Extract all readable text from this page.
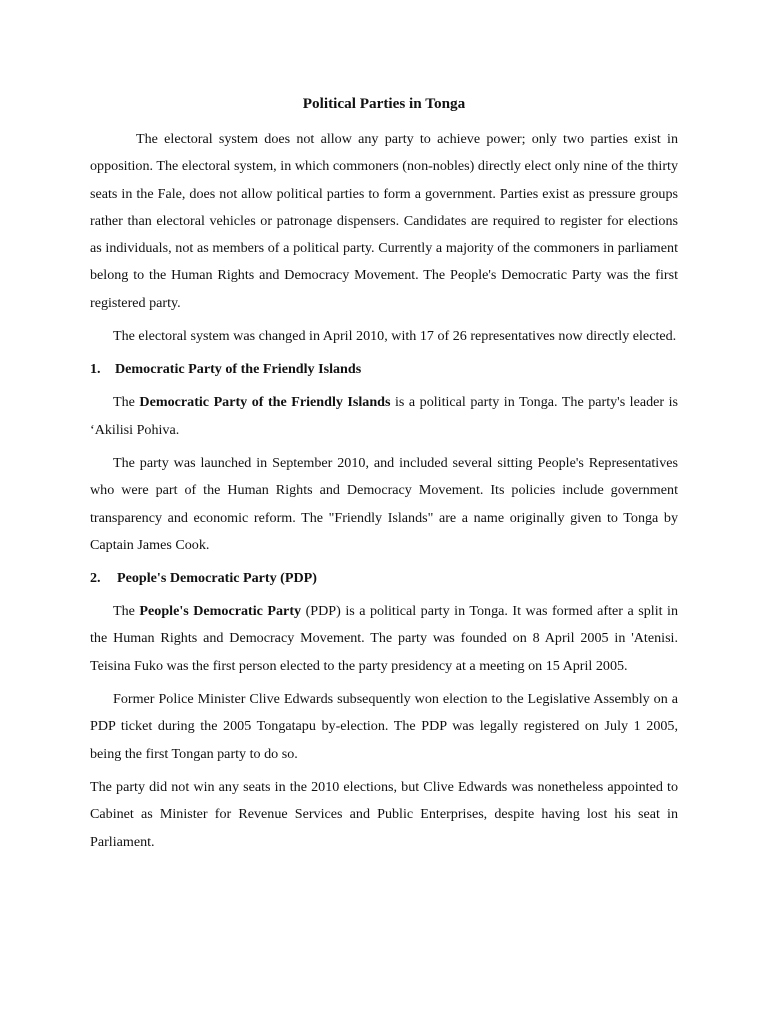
Political Parties in Tonga

The electoral system does not allow any party to achieve power; only two parties exist in opposition. The electoral system, in which commoners (non-nobles) directly elect only nine of the thirty seats in the Fale, does not allow political parties to form a government. Parties exist as pressure groups rather than electoral vehicles or patronage dispensers. Candidates are required to register for elections as individuals, not as members of a political party. Currently a majority of the commoners in parliament belong to the Human Rights and Democracy Movement. The People's Democratic Party was the first registered party.

The electoral system was changed in April 2010, with 17 of 26 representatives now directly elected.

1. Democratic Party of the Friendly Islands

The Democratic Party of the Friendly Islands is a political party in Tonga. The party's leader is ʻAkilisi Pohiva.

The party was launched in September 2010, and included several sitting People's Representatives who were part of the Human Rights and Democracy Movement. Its policies include government transparency and economic reform. The "Friendly Islands" are a name originally given to Tonga by Captain James Cook.

2. People's Democratic Party (PDP)

The People's Democratic Party (PDP) is a political party in Tonga. It was formed after a split in the Human Rights and Democracy Movement. The party was founded on 8 April 2005 in 'Atenisi. Teisina Fuko was the first person elected to the party presidency at a meeting on 15 April 2005.

Former Police Minister Clive Edwards subsequently won election to the Legislative Assembly on a PDP ticket during the 2005 Tongatapu by-election. The PDP was legally registered on July 1 2005, being the first Tongan party to do so.

The party did not win any seats in the 2010 elections, but Clive Edwards was nonetheless appointed to Cabinet as Minister for Revenue Services and Public Enterprises, despite having lost his seat in Parliament.
